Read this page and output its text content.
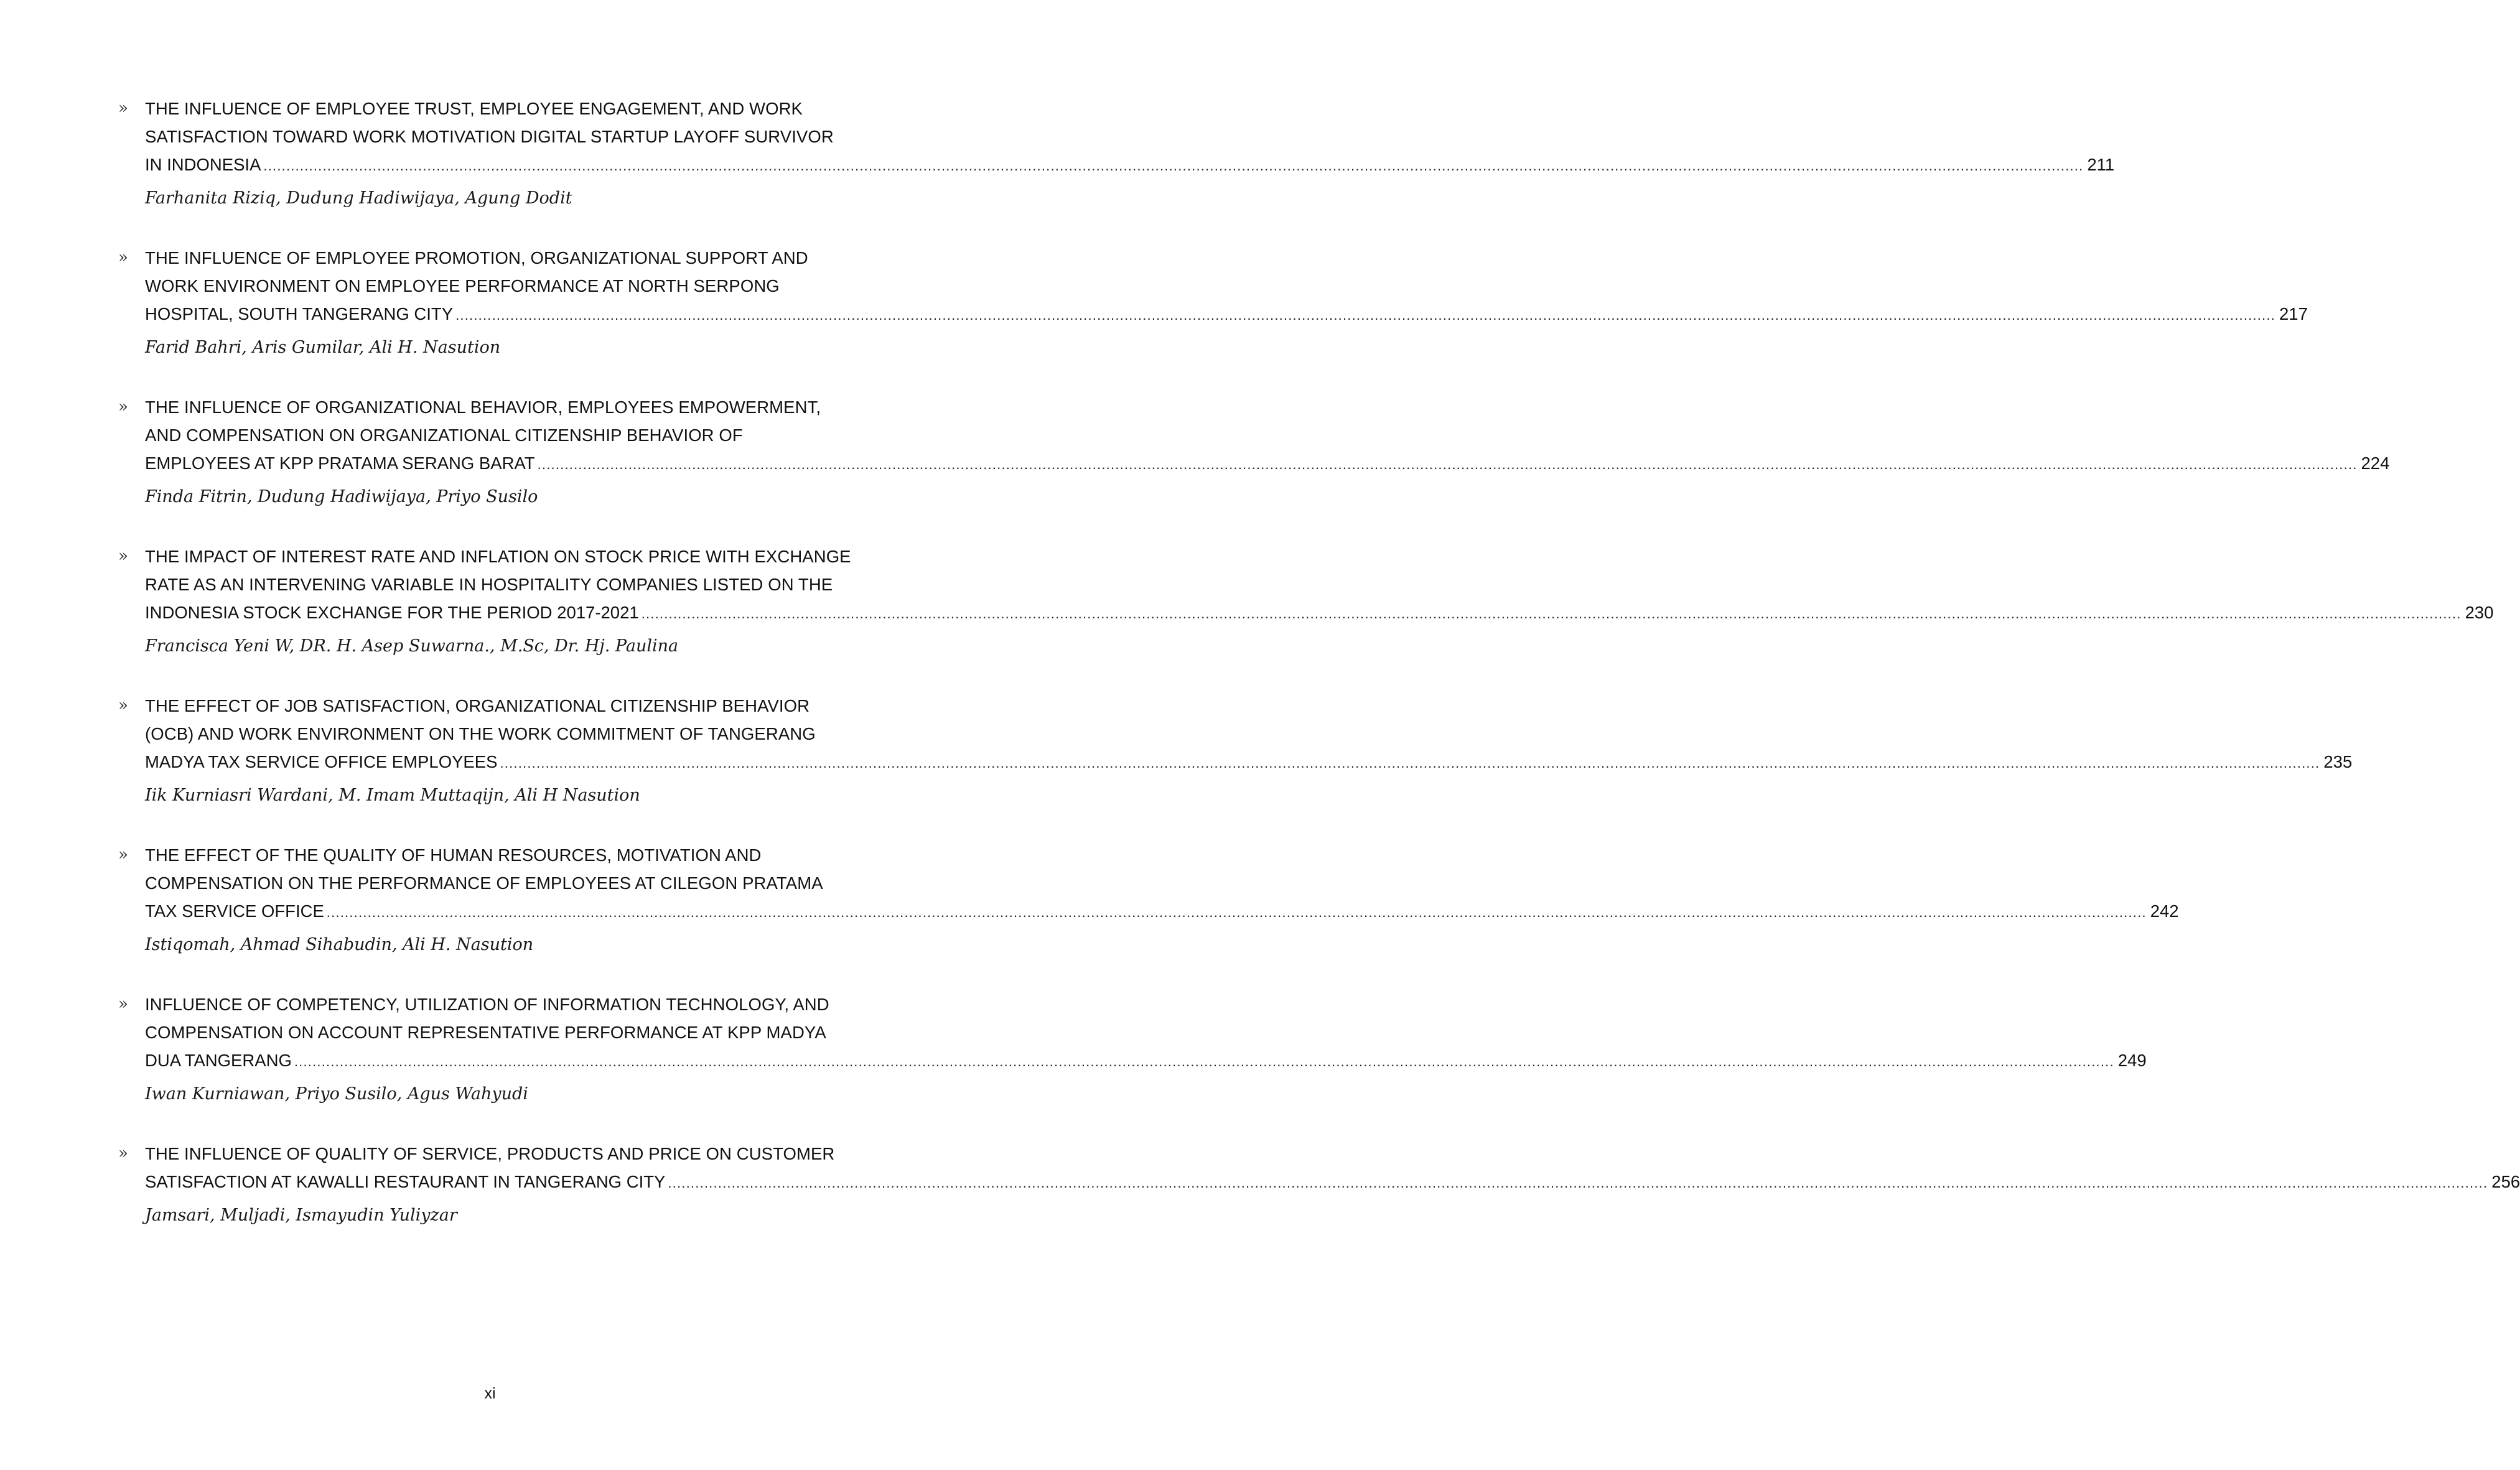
» THE INFLUENCE OF EMPLOYEE TRUST, EMPLOYEE ENGAGEMENT, AND WORK
SATISFACTION TOWARD WORK MOTIVATION DIGITAL STARTUP LAYOFF SURVIVOR
IN INDONESIA ................................................................................................................................................................................................................................................................................................................................................................................................................ 211
Farhanita Riziq, Dudung Hadiwijaya, Agung Dodit
» THE INFLUENCE OF EMPLOYEE PROMOTION, ORGANIZATIONAL SUPPORT AND
WORK ENVIRONMENT ON EMPLOYEE PERFORMANCE AT NORTH SERPONG
HOSPITAL, SOUTH TANGERANG CITY ................................................................................................................................................................................................................................................................................................................................................................................................................ 217
Farid Bahri, Aris Gumilar, Ali H. Nasution
» THE INFLUENCE OF ORGANIZATIONAL BEHAVIOR, EMPLOYEES EMPOWERMENT,
AND COMPENSATION ON ORGANIZATIONAL CITIZENSHIP BEHAVIOR OF
EMPLOYEES AT KPP PRATAMA SERANG BARAT ................................................................................................................................................................................................................................................................................................................................................................................................................ 224
Finda Fitrin, Dudung Hadiwijaya, Priyo Susilo
» THE IMPACT OF INTEREST RATE AND INFLATION ON STOCK PRICE WITH EXCHANGE
RATE AS AN INTERVENING VARIABLE IN HOSPITALITY COMPANIES LISTED ON THE
INDONESIA STOCK EXCHANGE FOR THE PERIOD 2017-2021 ................................................................................................................................................................................................................................................................................................................................................................................................................ 230
Francisca Yeni W, DR. H. Asep Suwarna., M.Sc, Dr. Hj. Paulina
» THE EFFECT OF JOB SATISFACTION, ORGANIZATIONAL CITIZENSHIP BEHAVIOR
(OCB) AND WORK ENVIRONMENT ON THE WORK COMMITMENT OF TANGERANG
MADYA TAX SERVICE OFFICE EMPLOYEES ................................................................................................................................................................................................................................................................................................................................................................................................................ 235
Iik Kurniasri Wardani, M. Imam Muttaqijn, Ali H Nasution
» THE EFFECT OF THE QUALITY OF HUMAN RESOURCES, MOTIVATION AND
COMPENSATION ON THE PERFORMANCE OF EMPLOYEES AT CILEGON PRATAMA
TAX SERVICE OFFICE ................................................................................................................................................................................................................................................................................................................................................................................................................ 242
Istiqomah, Ahmad Sihabudin, Ali H. Nasution
» INFLUENCE OF COMPETENCY, UTILIZATION OF INFORMATION TECHNOLOGY, AND
COMPENSATION ON ACCOUNT REPRESENTATIVE PERFORMANCE AT KPP MADYA
DUA TANGERANG ................................................................................................................................................................................................................................................................................................................................................................................................................ 249
Iwan Kurniawan, Priyo Susilo, Agus Wahyudi
» THE INFLUENCE OF QUALITY OF SERVICE, PRODUCTS AND PRICE ON CUSTOMER
SATISFACTION AT KAWALLI RESTAURANT IN TANGERANG CITY ................................................................................................................................................................................................................................................................................................................................................................................................................ 256
Jamsari, Muljadi, Ismayudin Yuliyzar
xi
